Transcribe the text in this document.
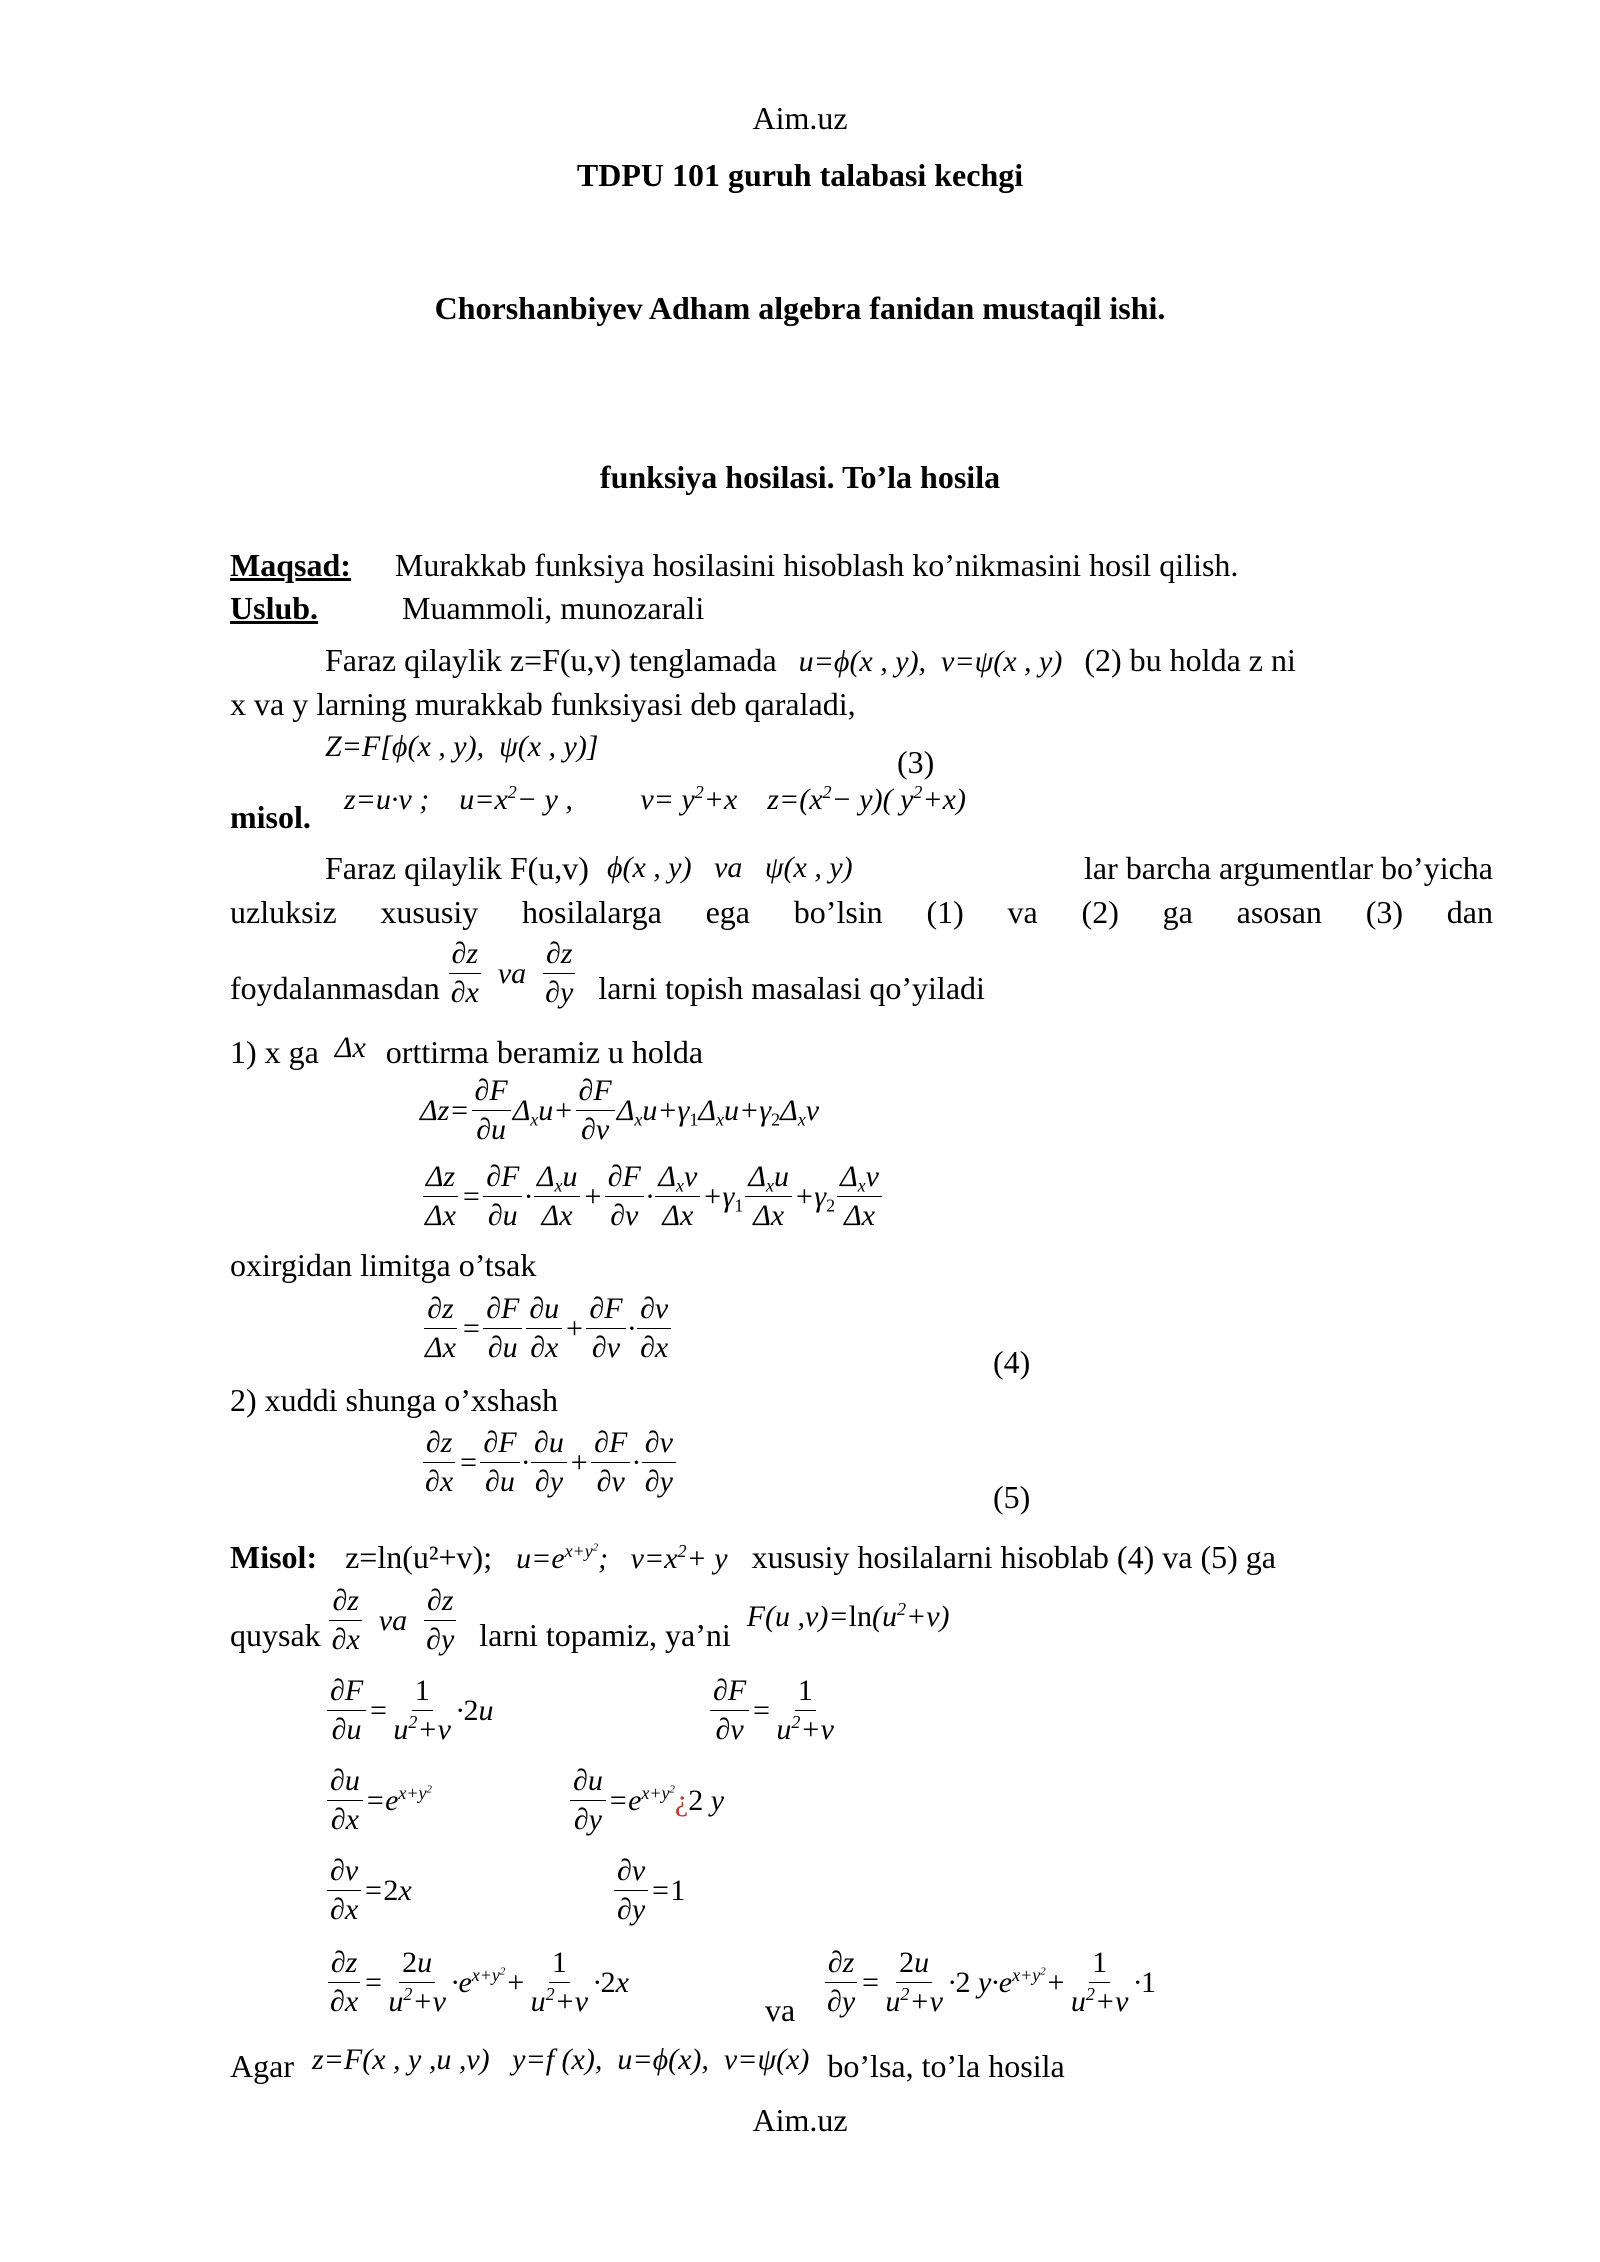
Aim.uz
TDPU 101 guruh talabasi kechgi
Chorshanbiyev Adham algebra fanidan mustaqil ishi.
funksiya hosilasi. To’la hosila
Maqsad: Murakkab funksiya hosilasini hisoblash ko’nikmasini hosil qilish.
Uslub.	Muammoli, munozarali
Faraz qilaylik z=F(u,v) tenglamada u=ϕ(x , y),  v=ψ(x , y) (2) bu holda z ni
x va y larning murakkab funksiyasi deb qaraladi,
Z=F[ϕ(x , y),  ψ(x , y)]	(3)
misol. z=u·v ;    $u=x^2- y$ ,         $v= y^2+x$    $z=(x^2- y)$( $y^2+x$)
Faraz qilaylik F(u,v) ϕ(x , y)   va   ψ(x , y)	lar barcha argumentlar bo’yicha
uzluksiz xususiy hosilalarga ega bo’lsin (1) va (2) ga asosan (3) dan
foydalanmasdan $\frac{\partial z}{\partial x}$ va $\frac{\partial z}{\partial y}$ larni topish masalasi qo’yiladi
1) x ga Δx orttirma beramiz u holda
$\Delta z= \frac{\partial F}{\partial u} \Delta_xu+ \frac{\partial F}{\partial v} \Delta_xu+\gamma_1\Delta_xu+\gamma_2\Delta_xv$
$\frac{\Delta z}{\Delta x} = \frac{\partial F}{\partial u} \cdot \frac{\Delta_xu}{\Delta x} + \frac{\partial F}{\partial v} \cdot \frac{\Delta_xv}{\Delta x} +\gamma_1 \frac{\Delta_xu}{\Delta x} +\gamma_2 \frac{\Delta_xv}{\Delta x}$
oxirgidan limitga o’tsak
$\frac{\partial z}{\Delta x} = \frac{\partial F}{\partial u} \frac{\partial u}{\partial x} + \frac{\partial F}{\partial v} \cdot \frac{\partial v}{\partial x}$	(4)
2) xuddi shunga o’xshash
$\frac{\partial z}{\partial x} = \frac{\partial F}{\partial u} \cdot \frac{\partial u}{\partial y} + \frac{\partial F}{\partial v} \cdot \frac{\partial v}{\partial y}$	(5)
Misol: z=ln(u²+v); $u=e^{x+y^2}$;   $v=x^2+ y$ xususiy hosilalarni hisoblab (4) va (5) ga
quysak $\frac{\partial z}{\partial x}$ va $\frac{\partial z}{\partial y}$ larni topamiz, ya’ni
F(u $,v)=\ln(u^2+v)$
$\frac{\partial F}{\partial u} = \frac{1}{u^2+v} \cdot 2u$	$\frac{\partial F}{\partial v} = \frac{1}{u^2+v}$
$\frac{\partial u}{\partial x} =e^{x+y^2}$	$\frac{\partial u}{\partial y}$ $=e^{x+y^2}¿2$ y
$\frac{\partial v}{\partial x} =2x$	$\frac{\partial v}{\partial y} =1$
$\frac{\partial z}{\partial x} = \frac{2u}{u^2+v} \cdot e^{x+y^2}+ \frac{1}{u^2+v} \cdot 2x$
va $\frac{\partial z}{\partial y} = \frac{2u}{u^2+v} \cdot 2$ $y\cdot e^{x+y^2}+ \frac{1}{u^2+v} \cdot 1$
Agar z=F(x , y ,u ,v)   y=f (x),  u=ϕ(x),  v=ψ(x) bo’lsa, to’la hosila
Aim.uz
